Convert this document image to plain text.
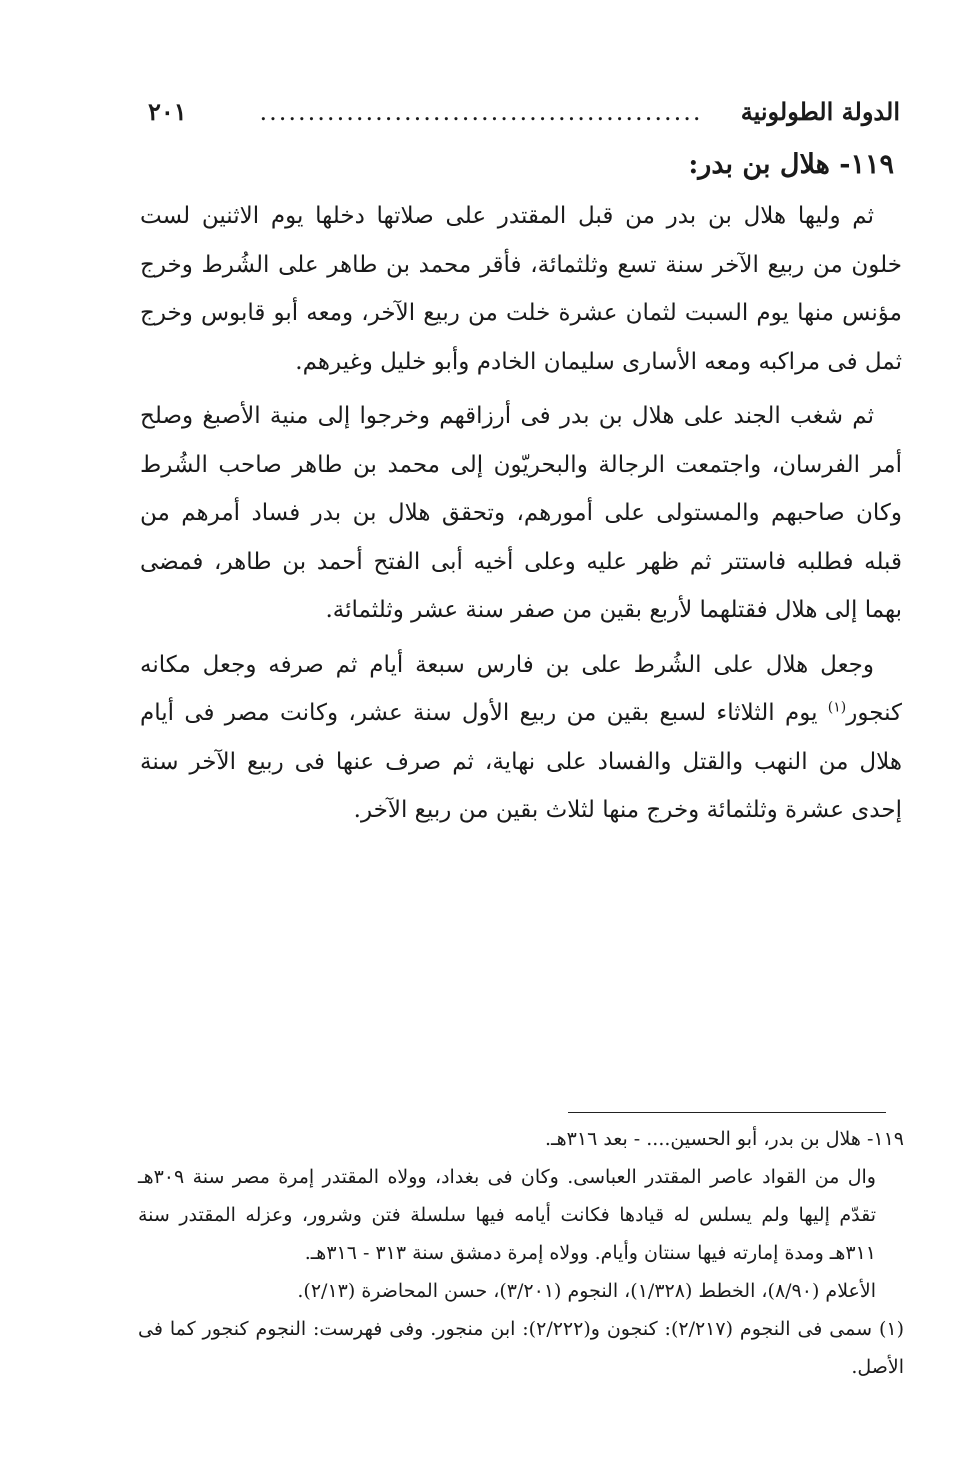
الدولة الطولونية
..............................................
٢٠١
١١٩- هلال بن بدر:

ثم وليها هلال بن بدر من قبل المقتدر على صلاتها دخلها يوم الاثنين لست خلون من ربيع الآخر سنة تسع وثلثمائة، فأقر محمد بن طاهر على الشُرط وخرج مؤنس منها يوم السبت لثمان عشرة خلت من ربيع الآخر، ومعه أبو قابوس وخرج ثمل فى مراكبه ومعه الأسارى سليمان الخادم وأبو خليل وغيرهم.

ثم شغب الجند على هلال بن بدر فى أرزاقهم وخرجوا إلى منية الأصبغ وصلح أمر الفرسان، واجتمعت الرجالة والبحريّون إلى محمد بن طاهر صاحب الشُرط وكان صاحبهم والمستولى على أمورهم، وتحقق هلال بن بدر فساد أمرهم من قبله فطلبه فاستتر ثم ظهر عليه وعلى أخيه أبى الفتح أحمد بن طاهر، فمضى بهما إلى هلال فقتلهما لأربع بقين من صفر سنة عشر وثلثمائة.

وجعل هلال على الشُرط على بن فارس سبعة أيام ثم صرفه وجعل مكانه كنجور$^{(١)}$ يوم الثلاثاء لسبع بقين من ربيع الأول سنة عشر، وكانت مصر فى أيام هلال من النهب والقتل والفساد على نهاية، ثم صرف عنها فى ربيع الآخر سنة إحدى عشرة وثلثمائة وخرج منها لثلاث بقين من ربيع الآخر.

١١٩- هلال بن بدر، أبو الحسين.... - بعد ٣١٦هـ.

وال من القواد عاصر المقتدر العباسى. وكان فى بغداد، وولاه المقتدر إمرة مصر سنة ٣٠٩هـ تقدّم إليها ولم يسلس له قيادها فكانت أيامه فيها سلسلة فتن وشرور، وعزله المقتدر سنة ٣١١هـ ومدة إمارته فيها سنتان وأيام. وولاه إمرة دمشق سنة ٣١٣ - ٣١٦هـ.

الأعلام (٨/٩٠)، الخطط (١/٣٢٨)، النجوم (٣/٢٠١)، حسن المحاضرة (٢/١٣).

(١) سمى فى النجوم (٢/٢١٧): كنجون و(٢/٢٢٢): ابن منجور. وفى فهرست: النجوم كنجور كما فى الأصل.
